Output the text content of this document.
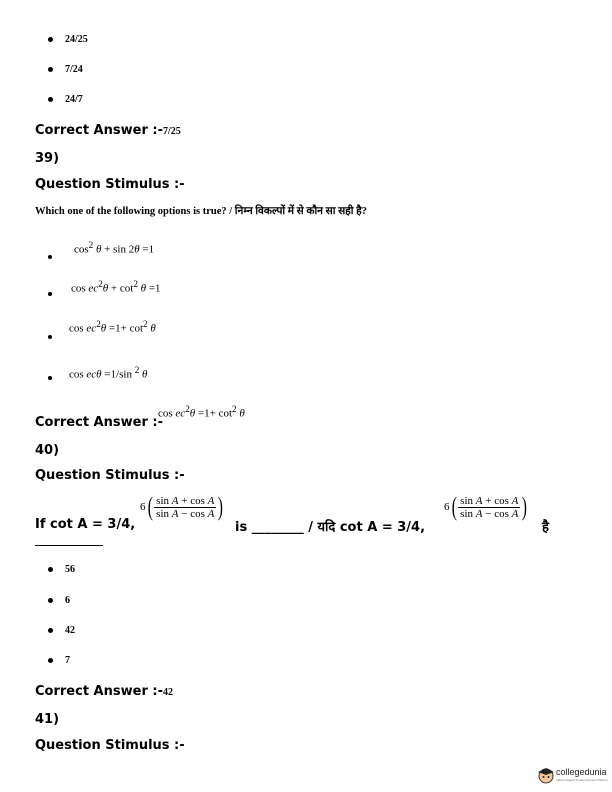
24/25
7/24
24/7
Correct Answer :-7/25
39)
Question Stimulus :-
Which one of the following options is true? / निम्न विकल्पों में से कौन सा सही है?
$\cos^2 \theta + \sin 2\theta =1$
$\cos ec^2\theta + \cot^2 \theta =1$
$\cos ec^2\theta =1+ \cot^2 \theta$
cos ecθ =1/sin $^2$ θ
Correct Answer :-
$\cos ec^2\theta =1+ \cot^2 \theta$
40)
Question Stimulus :-
If cot A = 3/4,
$6( \frac{\text{sin A + cos A}}{\text{sin A − cos A}}$ )
is ________ / यदि cot A = 3/4,
$6( \frac{\text{sin A + cos A}}{\text{sin A − cos A}}$ )
है
56
6
42
7
Correct Answer :-42
41)
Question Stimulus :-
collegedunia
India's largest Student Review Platform
